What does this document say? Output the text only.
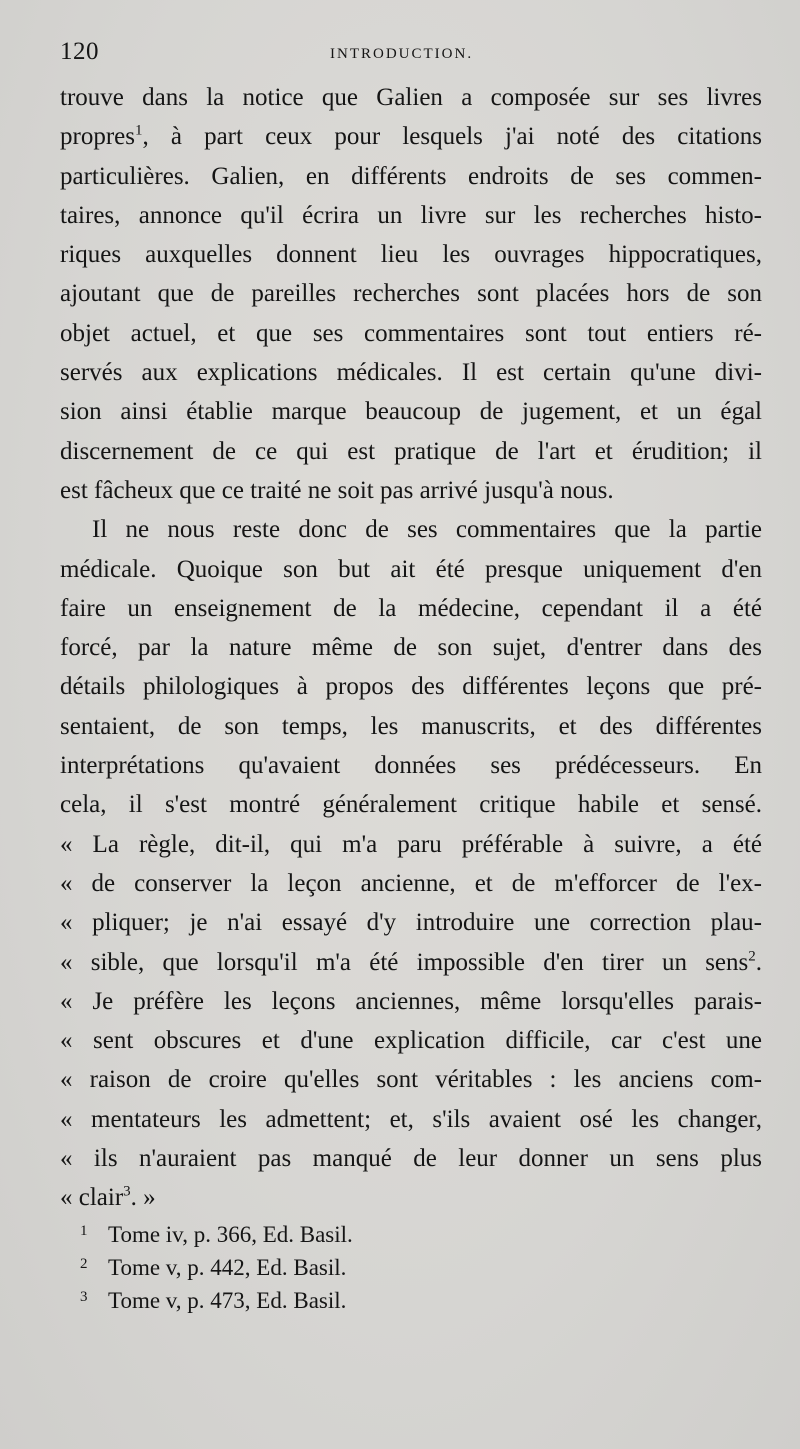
120	INTRODUCTION.
trouve dans la notice que Galien a composée sur ses livres
propres$^1$, à part ceux pour lesquels j'ai noté des citations
particulières. Galien, en différents endroits de ses commen-
taires, annonce qu'il écrira un livre sur les recherches histo-
riques auxquelles donnent lieu les ouvrages hippocratiques,
ajoutant que de pareilles recherches sont placées hors de son
objet actuel, et que ses commentaires sont tout entiers ré-
servés aux explications médicales. Il est certain qu'une divi-
sion ainsi établie marque beaucoup de jugement, et un égal
discernement de ce qui est pratique de l'art et érudition; il
est fâcheux que ce traité ne soit pas arrivé jusqu'à nous.
Il ne nous reste donc de ses commentaires que la partie
médicale. Quoique son but ait été presque uniquement d'en
faire un enseignement de la médecine, cependant il a été
forcé, par la nature même de son sujet, d'entrer dans des
détails philologiques à propos des différentes leçons que pré-
sentaient, de son temps, les manuscrits, et des différentes
interprétations qu'avaient données ses prédécesseurs. En
cela, il s'est montré généralement critique habile et sensé.
« La règle, dit-il, qui m'a paru préférable à suivre, a été
« de conserver la leçon ancienne, et de m'efforcer de l'ex-
« pliquer; je n'ai essayé d'y introduire une correction plau-
« sible, que lorsqu'il m'a été impossible d'en tirer un sens$^2$.
« Je préfère les leçons anciennes, même lorsqu'elles parais-
« sent obscures et d'une explication difficile, car c'est une
« raison de croire qu'elles sont véritables : les anciens com-
« mentateurs les admettent; et, s'ils avaient osé les changer,
« ils n'auraient pas manqué de leur donner un sens plus
« clair$^3$. »
1 Tome iv, p. 366, Ed. Basil.
2 Tome v, p. 442, Ed. Basil.
3 Tome v, p. 473, Ed. Basil.
